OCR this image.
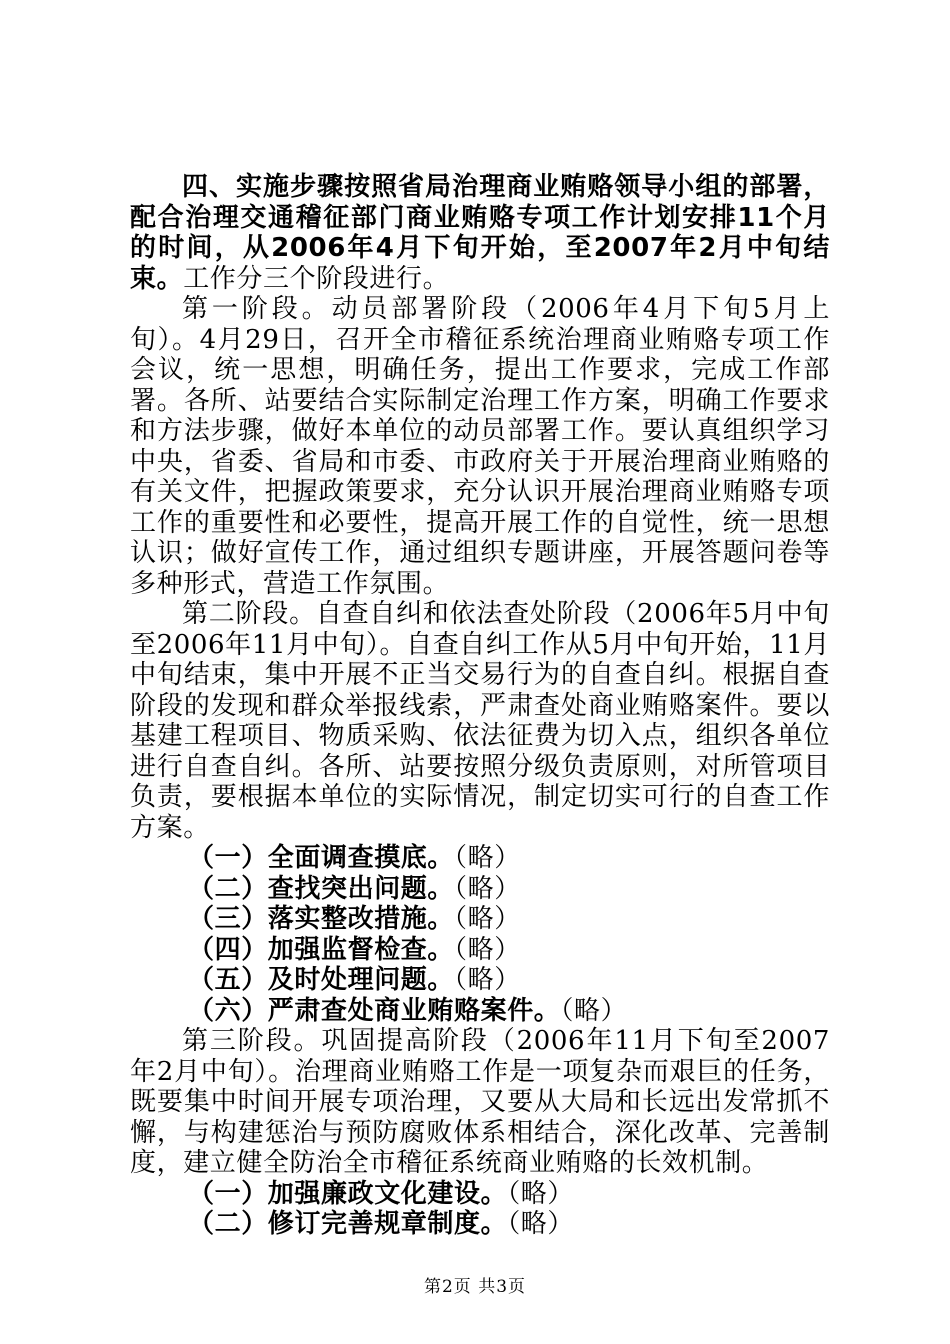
四、实施步骤按照省局治理商业贿赂领导小组的部署，配合治理交通稽征部门商业贿赂专项工作计划安排11个月的时间，从2006年4月下旬开始，至2007年2月中旬结束。工作分三个阶段进行。

第一阶段。动员部署阶段（2006年4月下旬5月上旬）。4月29日，召开全市稽征系统治理商业贿赂专项工作会议，统一思想，明确任务，提出工作要求，完成工作部署。各所、站要结合实际制定治理工作方案，明确工作要求和方法步骤，做好本单位的动员部署工作。要认真组织学习中央，省委、省局和市委、市政府关于开展治理商业贿赂的有关文件，把握政策要求，充分认识开展治理商业贿赂专项工作的重要性和必要性，提高开展工作的自觉性，统一思想认识；做好宣传工作，通过组织专题讲座，开展答题问卷等多种形式，营造工作氛围。

第二阶段。自查自纠和依法查处阶段（2006年5月中旬至2006年11月中旬）。自查自纠工作从5月中旬开始，11月中旬结束，集中开展不正当交易行为的自查自纠。根据自查阶段的发现和群众举报线索，严肃查处商业贿赂案件。要以基建工程项目、物质采购、依法征费为切入点，组织各单位进行自查自纠。各所、站要按照分级负责原则，对所管项目负责，要根据本单位的实际情况，制定切实可行的自查工作方案。

（一）全面调查摸底。（略）

（二）查找突出问题。（略）

（三）落实整改措施。（略）

（四）加强监督检查。（略）

（五）及时处理问题。（略）

（六）严肃查处商业贿赂案件。（略）

第三阶段。巩固提高阶段（2006年11月下旬至2007年2月中旬）。治理商业贿赂工作是一项复杂而艰巨的任务，既要集中时间开展专项治理，又要从大局和长远出发常抓不懈，与构建惩治与预防腐败体系相结合，深化改革、完善制度，建立健全防治全市稽征系统商业贿赂的长效机制。

（一）加强廉政文化建设。（略）

（二）修订完善规章制度。（略）

第2页 共3页
